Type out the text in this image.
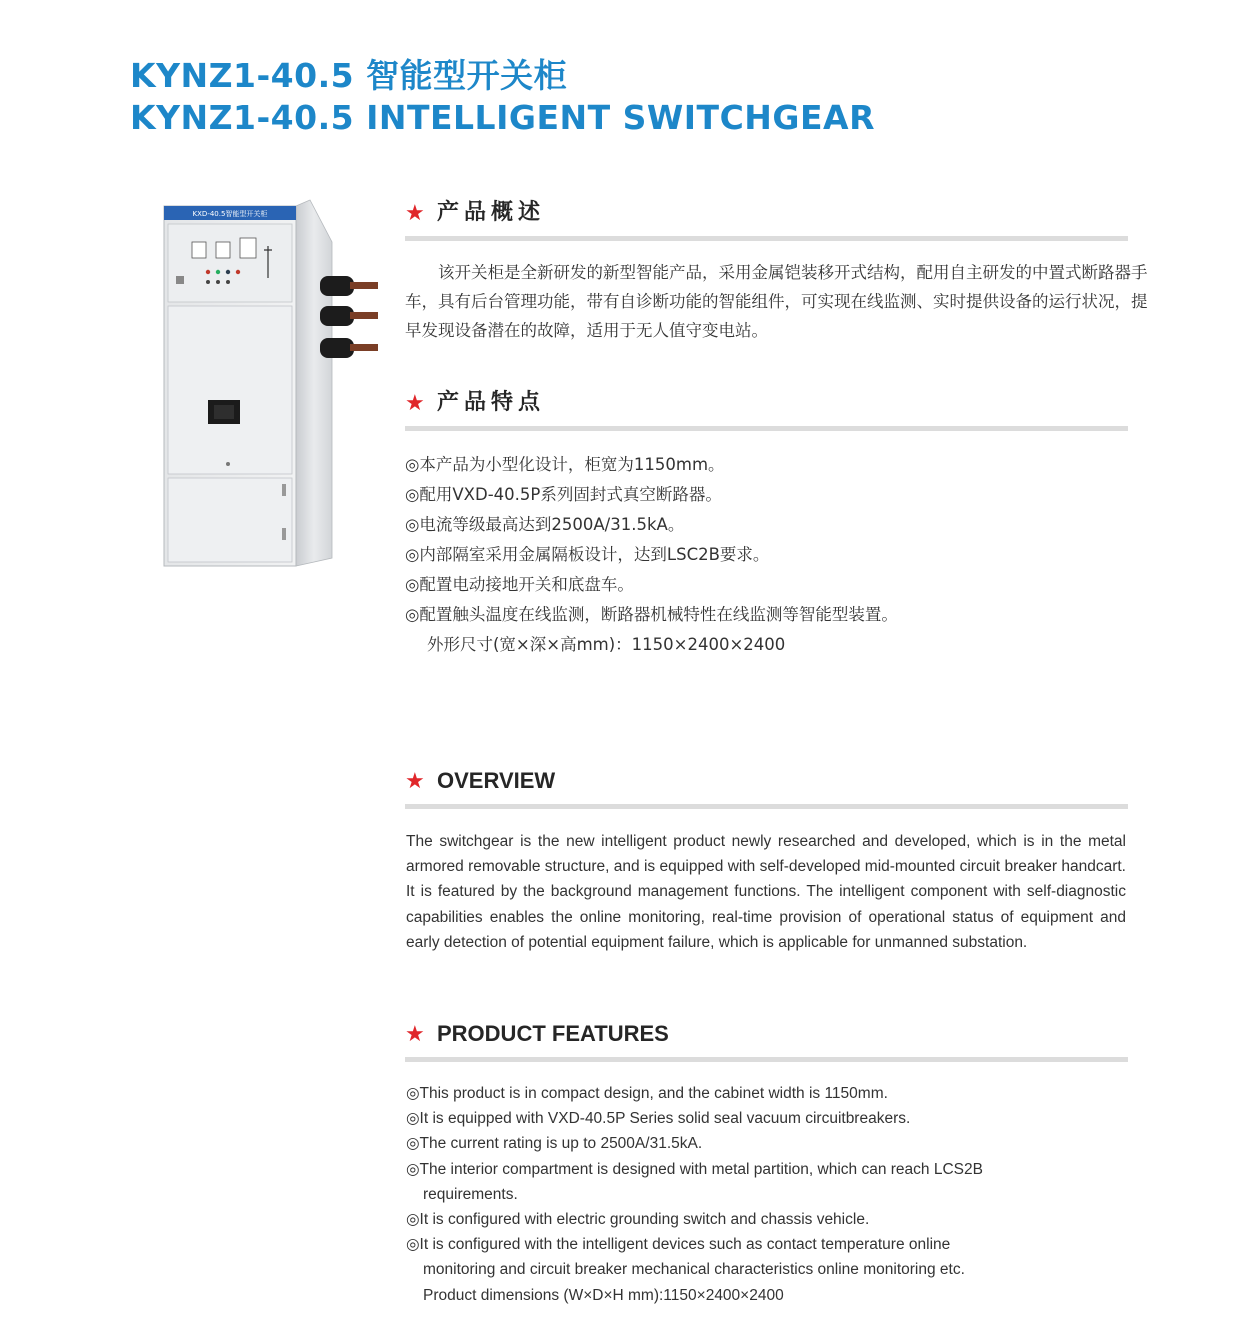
KYNZ1-40.5 智能型开关柜
KYNZ1-40.5 INTELLIGENT SWITCHGEAR
KXD-40.5智能型开关柜	★ 产品概述

该开关柜是全新研发的新型智能产品，采用金属铠装移开式结构，配用自主研发的中置式断路器手车，具有后台管理功能，带有自诊断功能的智能组件，可实现在线监测、实时提供设备的运行状况，提早发现设备潜在的故障，适用于无人值守变电站。

★ 产品特点
◎本产品为小型化设计，柜宽为1150mm。
◎配用VXD-40.5P系列固封式真空断路器。
◎电流等级最高达到2500A/31.5kA。
◎内部隔室采用金属隔板设计，达到LSC2B要求。
◎配置电动接地开关和底盘车。
◎配置触头温度在线监测，断路器机械特性在线监测等智能型装置。
外形尺寸(宽×深×高mm)：1150×2400×2400
★ OVERVIEW

The switchgear is the new intelligent product newly researched and developed, which is in the metal armored removable structure, and is equipped with self-developed mid-mounted circuit breaker handcart. It is featured by the background management functions. The intelligent component with self-diagnostic capabilities enables the online monitoring, real-time provision of operational status of equipment and early detection of potential equipment failure, which is applicable for unmanned substation.

★ PRODUCT FEATURES
◎This product is in compact design, and the cabinet width is 1150mm.
◎It is equipped with VXD-40.5P Series solid seal vacuum circuitbreakers.
◎The current rating is up to 2500A/31.5kA.
◎The interior compartment is designed with metal partition, which can reach LCS2B
requirements.
◎It is configured with electric grounding switch and chassis vehicle.
◎It is configured with the intelligent devices such as contact temperature online
monitoring and circuit breaker mechanical characteristics online monitoring etc.
Product dimensions (W×D×H mm):1150×2400×2400
